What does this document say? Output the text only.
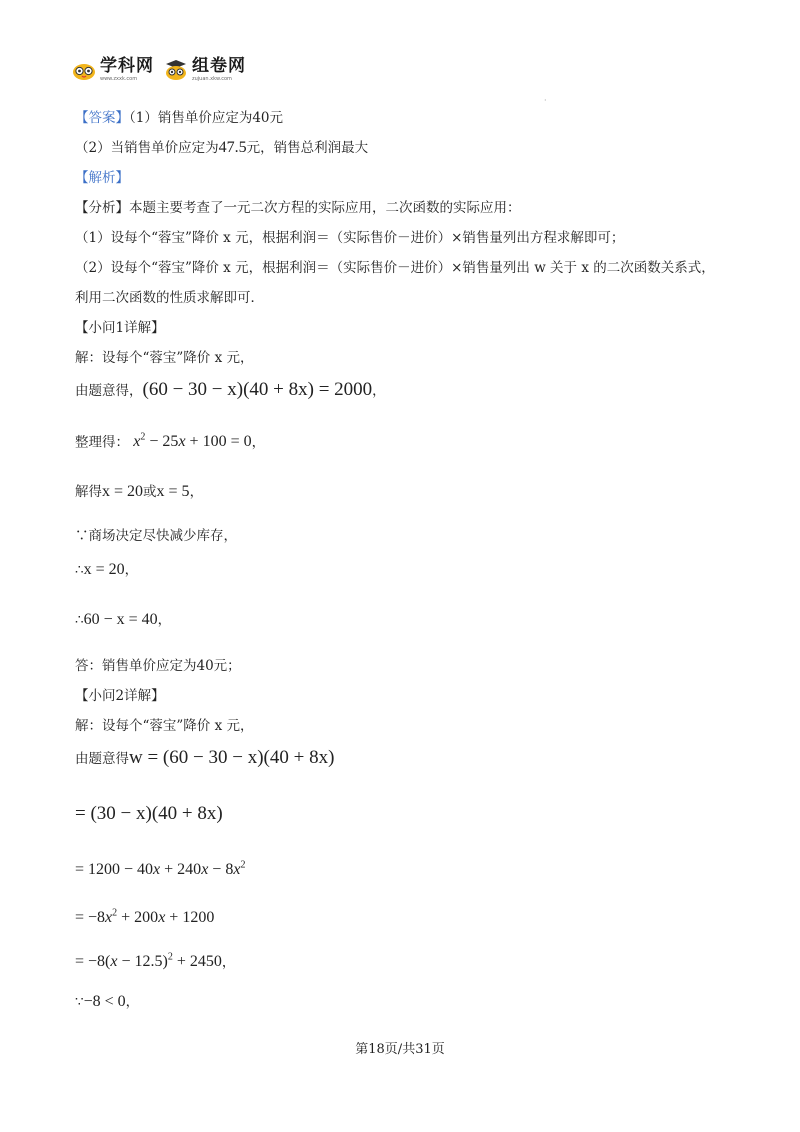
学科网
www.zxxk.com
组卷网
zujuan.xkw.com
·
【答案】（1）销售单价应定为40元
（2）当销售单价应定为47.5元，销售总利润最大
【解析】
【分析】本题主要考查了一元二次方程的实际应用，二次函数的实际应用：
（1）设每个“蓉宝”降价 x 元，根据利润＝（实际售价－进价）×销售量列出方程求解即可；
（2）设每个“蓉宝”降价 x 元，根据利润＝（实际售价－进价）×销售量列出 w 关于 x 的二次函数关系式，
利用二次函数的性质求解即可．
【小问1详解】
解：设每个“蓉宝”降价 x 元，
由题意得，(60 − 30 − x)(40 + 8x) = 2000，
整理得： $x^2 - 25x + 100 = 0$，
解得x = 20或x = 5，
∵商场决定尽快减少库存，
∴x = 20，
∴60 − x = 40，
答：销售单价应定为40元；
【小问2详解】
解：设每个“蓉宝”降价 x 元，
由题意得w = (60 − 30 − x)(40 + 8x)
= (30 − x)(40 + 8x)
= $1200 - 40x + 240x - 8x^2$
= $-8x^2 + 200x + 1200$
= $-8(x - 12.5)^2 + 2450$，
∵−8 < 0，
第18页/共31页
